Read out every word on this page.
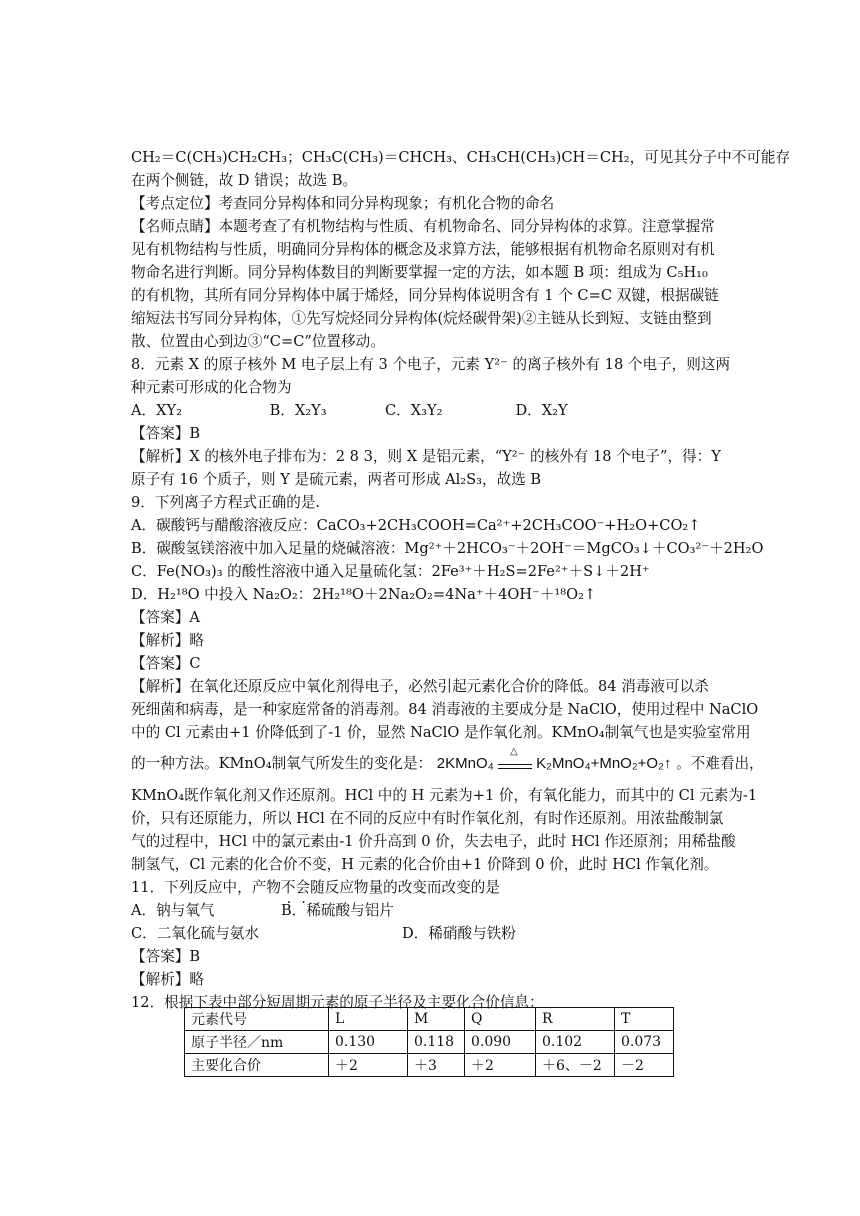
CH₂＝C(CH₃)CH₂CH₃；CH₃C(CH₃)＝CHCH₃、CH₃CH(CH₃)CH＝CH₂，可见其分子中不可能存
在两个侧链，故 D 错误；故选 B。
【考点定位】考查同分异构体和同分异构现象；有机化合物的命名
【名师点睛】本题考查了有机物结构与性质、有机物命名、同分异构体的求算。注意掌握常
见有机物结构与性质，明确同分异构体的概念及求算方法，能够根据有机物命名原则对有机
物命名进行判断。同分异构体数目的判断要掌握一定的方法，如本题 B 项：组成为 C₅H₁₀
的有机物，其所有同分异构体中属于烯烃，同分异构体说明含有 1 个 C=C 双键，根据碳链
缩短法书写同分异构体，①先写烷烃同分异构体(烷烃碳骨架)②主链从长到短、支链由整到
散、位置由心到边③“C=C”位置移动。
8．元素 X 的原子核外 M 电子层上有 3 个电子，元素 Y²⁻ 的离子核外有 18 个电子，则这两
种元素可形成的化合物为
A．XY₂　　　　　　B．X₂Y₃　　　　C．X₃Y₂　　　　　D．X₂Y
【答案】B
【解析】X 的核外电子排布为：2 8 3，则 X 是铝元素，“Y²⁻ 的核外有 18 个电子”，得：Y
原子有 16 个质子，则 Y 是硫元素，两者可形成 Al₂S₃，故选 B
9．下列离子方程式正确的是.
A．碳酸钙与醋酸溶液反应：CaCO₃+2CH₃COOH=Ca²⁺+2CH₃COO⁻+H₂O+CO₂↑
B．碳酸氢镁溶液中加入足量的烧碱溶液：Mg²⁺＋2HCO₃⁻＋2OH⁻＝MgCO₃↓＋CO₃²⁻＋2H₂O
C．Fe(NO₃)₃ 的酸性溶液中通入足量硫化氢：2Fe³⁺＋H₂S=2Fe²⁺＋S↓＋2H⁺
D．H₂¹⁸O 中投入 Na₂O₂：2H₂¹⁸O＋2Na₂O₂=4Na⁺＋4OH⁻＋¹⁸O₂↑
【答案】A
【解析】略
【答案】C
【解析】在氧化还原反应中氧化剂得电子，必然引起元素化合价的降低。84 消毒液可以杀
死细菌和病毒，是一种家庭常备的消毒剂。84 消毒液的主要成分是 NaClO，使用过程中 NaClO
中的 Cl 元素由+1 价降低到了-1 价，显然 NaClO 是作氧化剂。KMnO₄制氧气也是实验室常用
的一种方法。KMnO₄制氧气所发生的变化是： 2KMnO₄
△
K₂MnO₄+MnO₂+O₂↑ 。不难看出，
KMnO₄既作氧化剂又作还原剂。HCl 中的 H 元素为+1 价，有氧化能力，而其中的 Cl 元素为-1
价，只有还原能力，所以 HCl 在不同的反应中有时作氧化剂，有时作还原剂。用浓盐酸制氯
气的过程中，HCl 中的氯元素由-1 价升高到 0 价，失去电子，此时 HCl 作还原剂；用稀盐酸
制氢气，Cl 元素的化合价不变，H 元素的化合价由+1 价降到 0 价，此时 HCl 作氧化剂。
11．下列反应中，产物不会随反应物量的改变而改变的是
A．钠与氧气	B．稀硫酸与铝片
C．二氧化硫与氨水	D．稀硝酸与铁粉
【答案】B
【解析】略
12．根据下表中部分短周期元素的原子半径及主要化合价信息：
元素代号	L	M	Q	R	T
原子半径／nm	0.130	0.118	0.090	0.102	0.073
主要化合价	＋2	＋3	＋2	＋6、－2	－2
